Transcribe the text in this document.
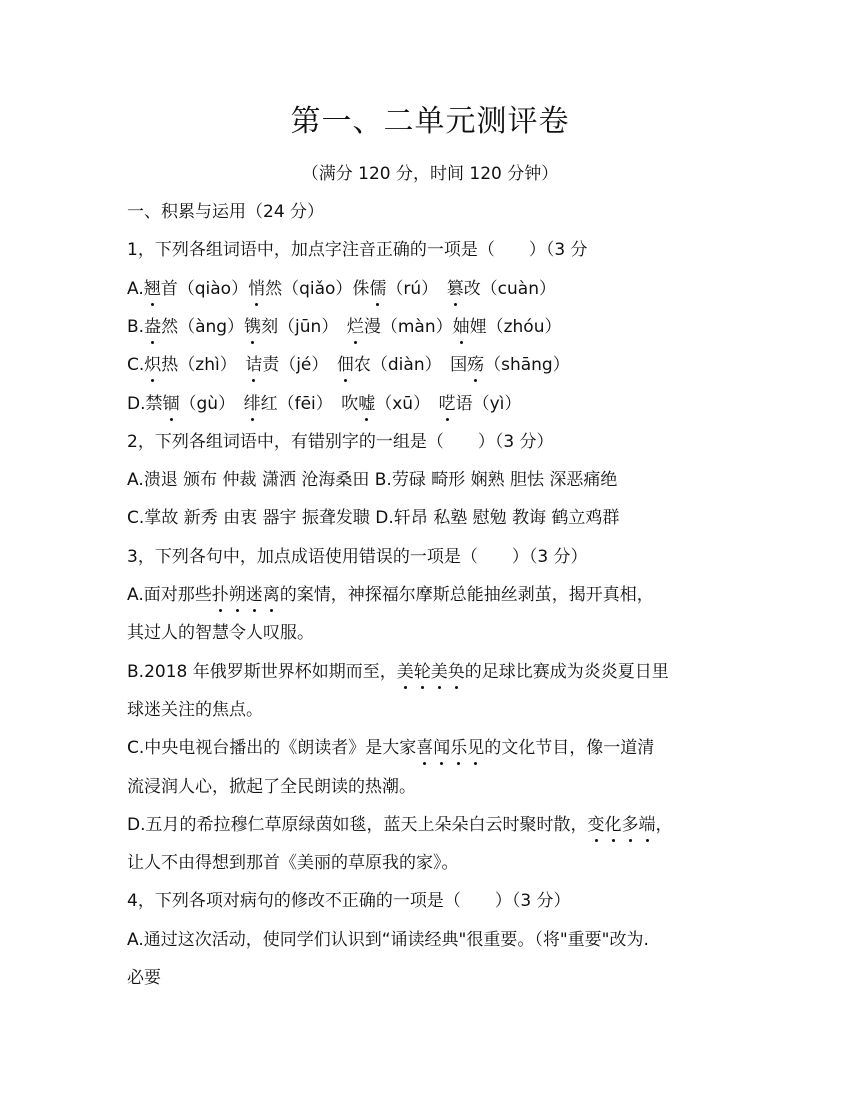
第一、二单元测评卷
（满分 120 分，时间 120 分钟）
一、积累与运用（24 分）
1，下列各组词语中，加点字注音正确的一项是（　　）（3 分
A.翘首（qiào）悄然（qiǎo）侏儒（rú）　篡改（cuàn）
B.盎然（àng）镌刻（jūn）　烂漫（màn）妯娌（zhóu）
C.炽热（zhì）　诘责（jé）　佃农（diàn）　国殇（shāng）
D.禁锢（gù）　绯红（fēi）　吹嘘（xū）　呓语（yì）
2，下列各组词语中，有错别字的一组是（　　）（3 分）
A.溃退 颁布 仲裁 潇洒 沧海桑田 B.劳碌 畸形 娴熟 胆怯 深恶痛绝
C.掌故 新秀 由衷 器宇 振聋发聩 D.轩昂 私塾 慰勉 教诲 鹤立鸡群
3，下列各句中，加点成语使用错误的一项是（　　）（3 分）
A.面对那些扑朔迷离的案情，神探福尔摩斯总能抽丝剥茧，揭开真相，
其过人的智慧令人叹服。
B.2018 年俄罗斯世界杯如期而至，美轮美奂的足球比赛成为炎炎夏日里
球迷关注的焦点。
C.中央电视台播出的《朗读者》是大家喜闻乐见的文化节目，像一道清
流浸润人心，掀起了全民朗读的热潮。
D.五月的希拉穆仁草原绿茵如毯，蓝天上朵朵白云时聚时散，变化多端，
让人不由得想到那首《美丽的草原我的家》。
4，下列各项对病句的修改不正确的一项是（　　）（3 分）
A.通过这次活动，使同学们认识到“诵读经典"很重要。（将"重要"改为.
必要
